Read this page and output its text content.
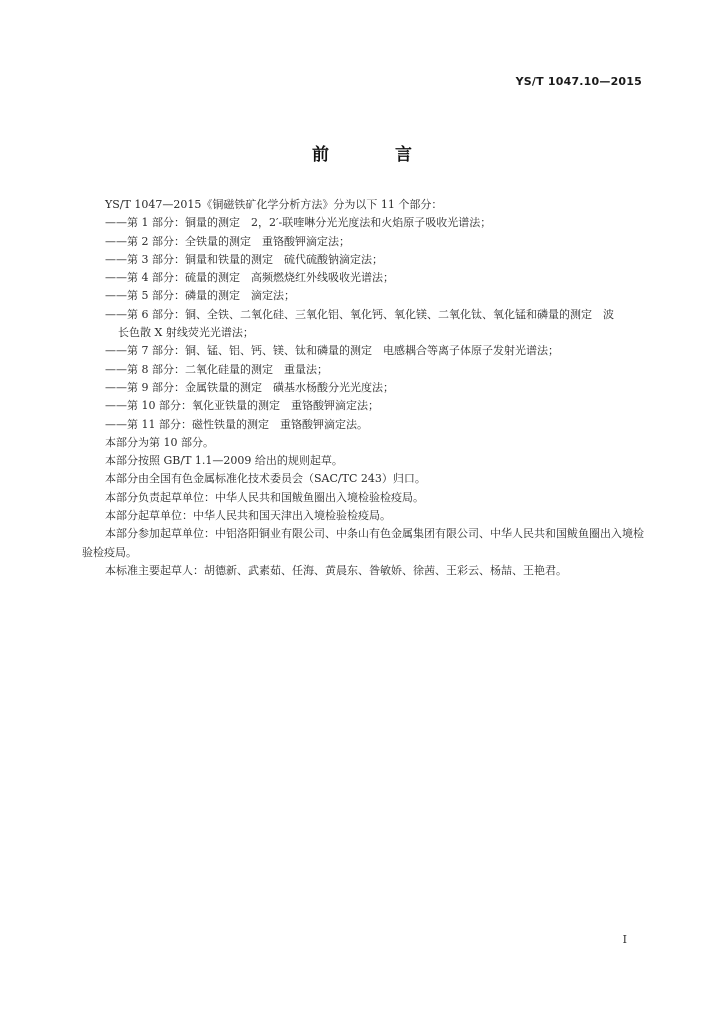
YS/T 1047.10—2015
前 言
YS/T 1047—2015《铜磁铁矿化学分析方法》分为以下 11 个部分：
——第 1 部分：铜量的测定　2，2′-联喹啉分光光度法和火焰原子吸收光谱法；
——第 2 部分：全铁量的测定　重铬酸钾滴定法；
——第 3 部分：铜量和铁量的测定　硫代硫酸钠滴定法；
——第 4 部分：硫量的测定　高频燃烧红外线吸收光谱法；
——第 5 部分：磷量的测定　滴定法；
——第 6 部分：铜、全铁、二氧化硅、三氧化铝、氧化钙、氧化镁、二氧化钛、氧化锰和磷量的测定　波
长色散 X 射线荧光光谱法；
——第 7 部分：铜、锰、铝、钙、镁、钛和磷量的测定　电感耦合等离子体原子发射光谱法；
——第 8 部分：二氧化硅量的测定　重量法；
——第 9 部分：金属铁量的测定　磺基水杨酸分光光度法；
——第 10 部分：氧化亚铁量的测定　重铬酸钾滴定法；
——第 11 部分：磁性铁量的测定　重铬酸钾滴定法。
本部分为第 10 部分。
本部分按照 GB/T 1.1—2009 给出的规则起草。
本部分由全国有色金属标准化技术委员会（SAC/TC 243）归口。
本部分负责起草单位：中华人民共和国鲅鱼圈出入境检验检疫局。
本部分起草单位：中华人民共和国天津出入境检验检疫局。
本部分参加起草单位：中铝洛阳铜业有限公司、中条山有色金属集团有限公司、中华人民共和国鲅鱼圈出入境检验检疫局。
本标准主要起草人：胡德新、武素茹、任海、黄晨东、昝敏娇、徐茜、王彩云、杨喆、王艳君。
I
